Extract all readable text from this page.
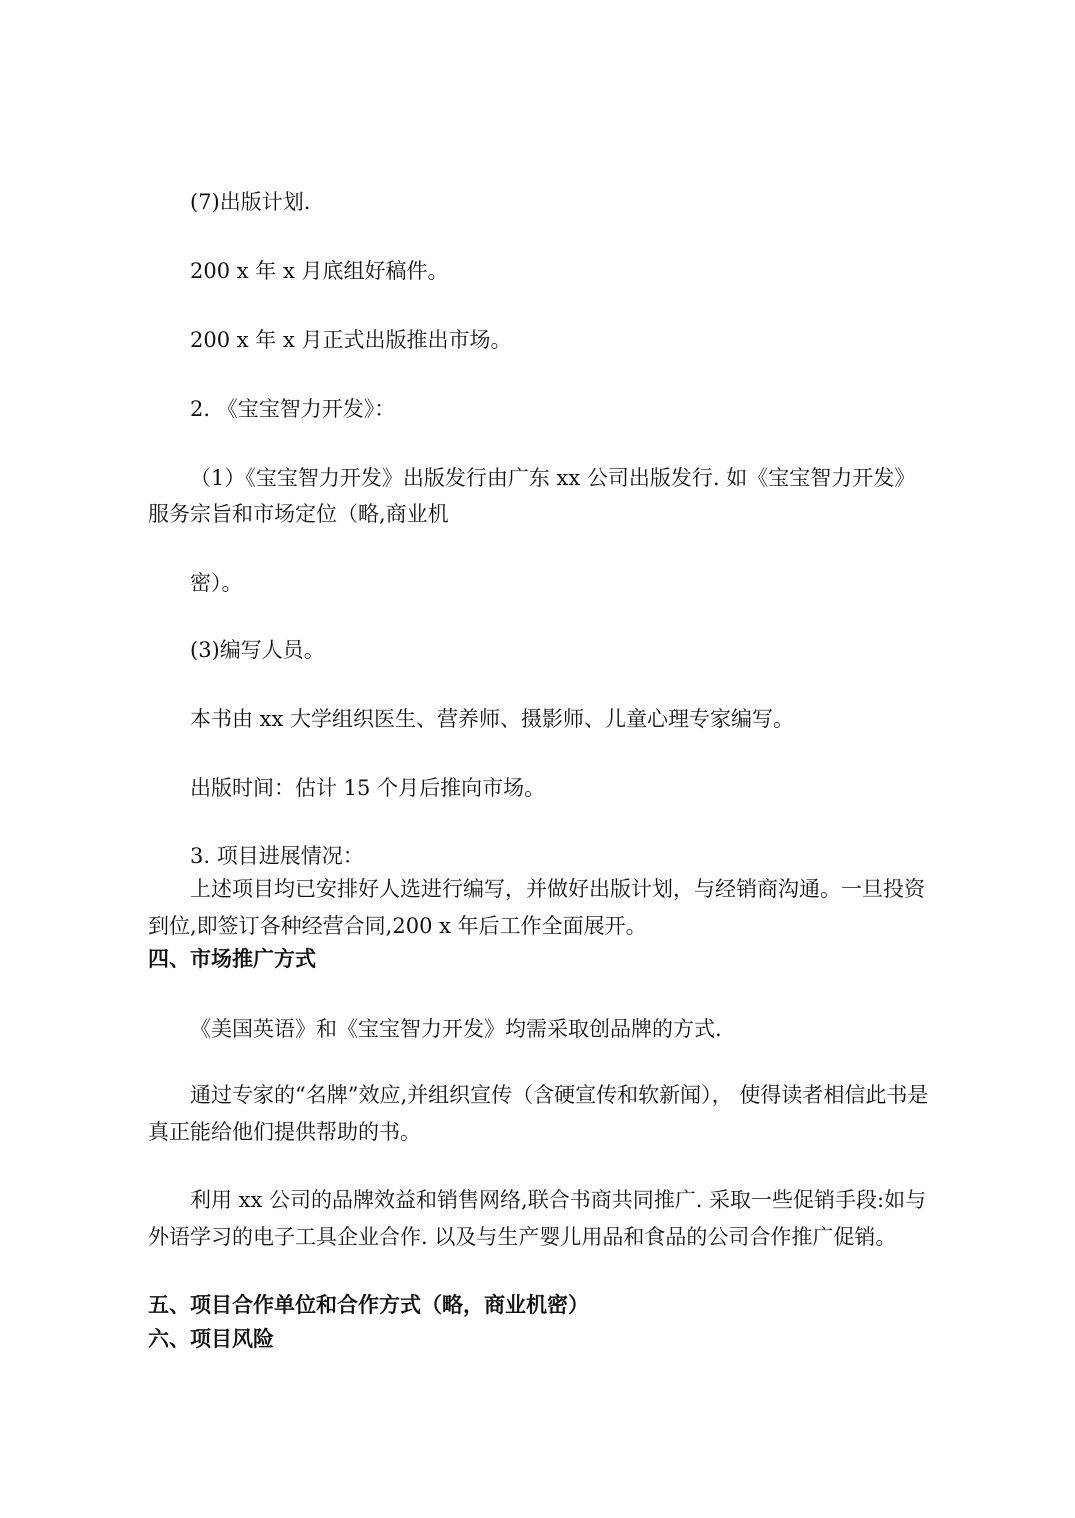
(7)出版计划.

200 x 年 x 月底组好稿件。

200 x 年 x 月正式出版推出市场。

2. 《宝宝智力开发》：

（1）《宝宝智力开发》出版发行由广东 xx 公司出版发行. 如《宝宝智力开发》

服务宗旨和市场定位（略,商业机

密）。

(3)编写人员。

本书由 xx 大学组织医生、营养师、摄影师、儿童心理专家编写。

出版时间：估计 15 个月后推向市场。

3. 项目进展情况：

上述项目均已安排好人选进行编写，并做好出版计划，与经销商沟通。一旦投资到位,即签订各种经营合同,200 x 年后工作全面展开。

四、市场推广方式

《美国英语》和《宝宝智力开发》均需采取创品牌的方式.

通过专家的“名牌”效应,并组织宣传（含硬宣传和软新闻）， 使得读者相信此书是真正能给他们提供帮助的书。

利用 xx 公司的品牌效益和销售网络,联合书商共同推广. 采取一些促销手段:如与外语学习的电子工具企业合作. 以及与生产婴儿用品和食品的公司合作推广促销。

五、项目合作单位和合作方式（略，商业机密）

六、项目风险
